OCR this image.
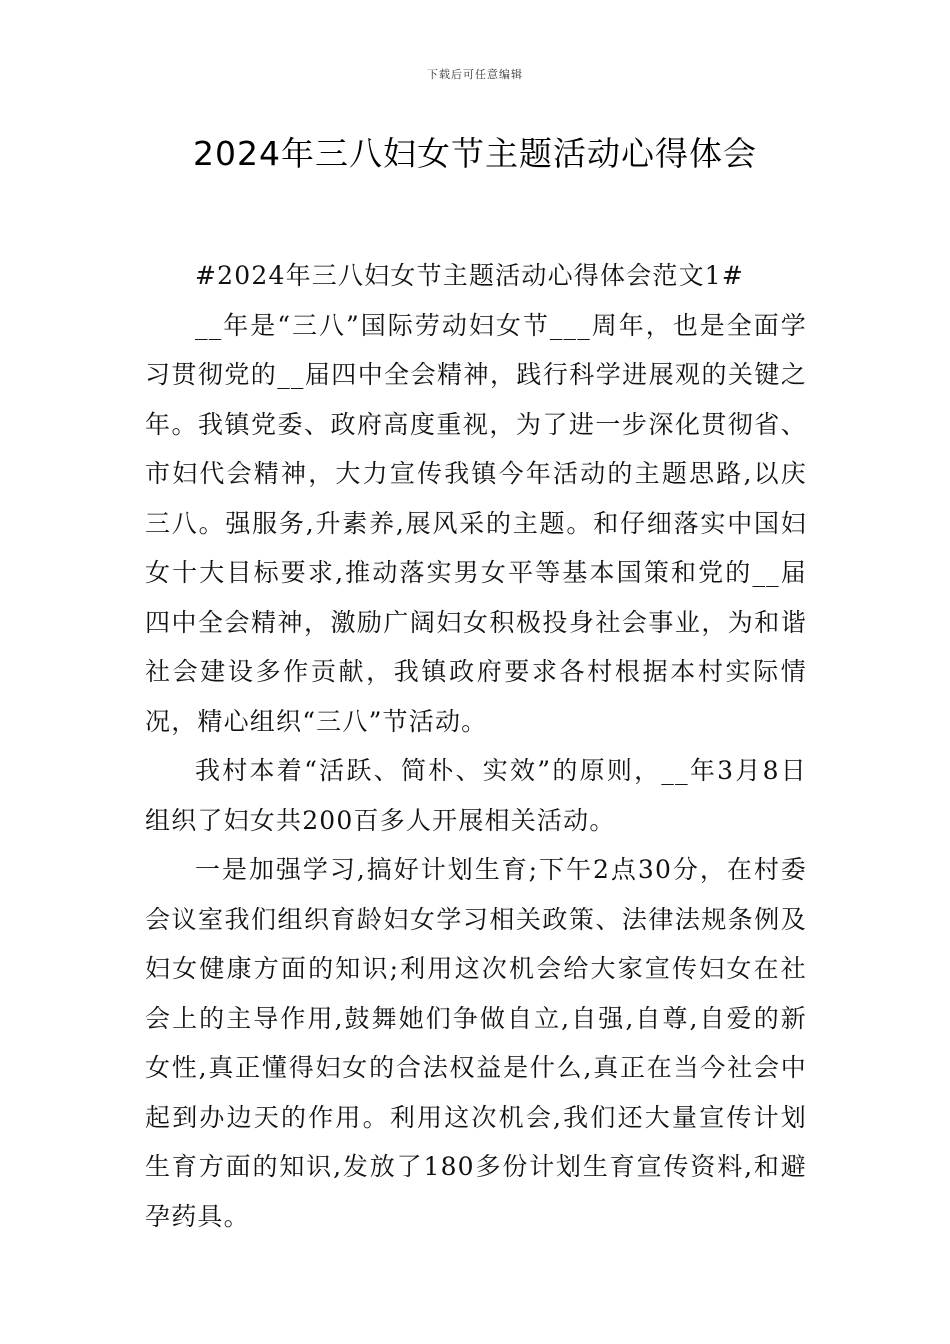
下载后可任意编辑
2024年三八妇女节主题活动心得体会

#2024年三八妇女节主题活动心得体会范文1#

__年是“三八”国际劳动妇女节___周年，也是全面学习贯彻党的__届四中全会精神，践行科学进展观的关键之年。我镇党委、政府高度重视，为了进一步深化贯彻省、市妇代会精神，大力宣传我镇今年活动的主题思路,以庆三八。强服务,升素养,展风采的主题。和仔细落实中国妇女十大目标要求,推动落实男女平等基本国策和党的__届四中全会精神，激励广阔妇女积极投身社会事业，为和谐社会建设多作贡献，我镇政府要求各村根据本村实际情况，精心组织“三八”节活动。

我村本着“活跃、简朴、实效”的原则，__年3月8日组织了妇女共200百多人开展相关活动。

一是加强学习,搞好计划生育;下午2点30分，在村委会议室我们组织育龄妇女学习相关政策、法律法规条例及妇女健康方面的知识;利用这次机会给大家宣传妇女在社会上的主导作用,鼓舞她们争做自立,自强,自尊,自爱的新女性,真正懂得妇女的合法权益是什么,真正在当今社会中起到办边天的作用。利用这次机会,我们还大量宣传计划生育方面的知识,发放了180多份计划生育宣传资料,和避孕药具。
